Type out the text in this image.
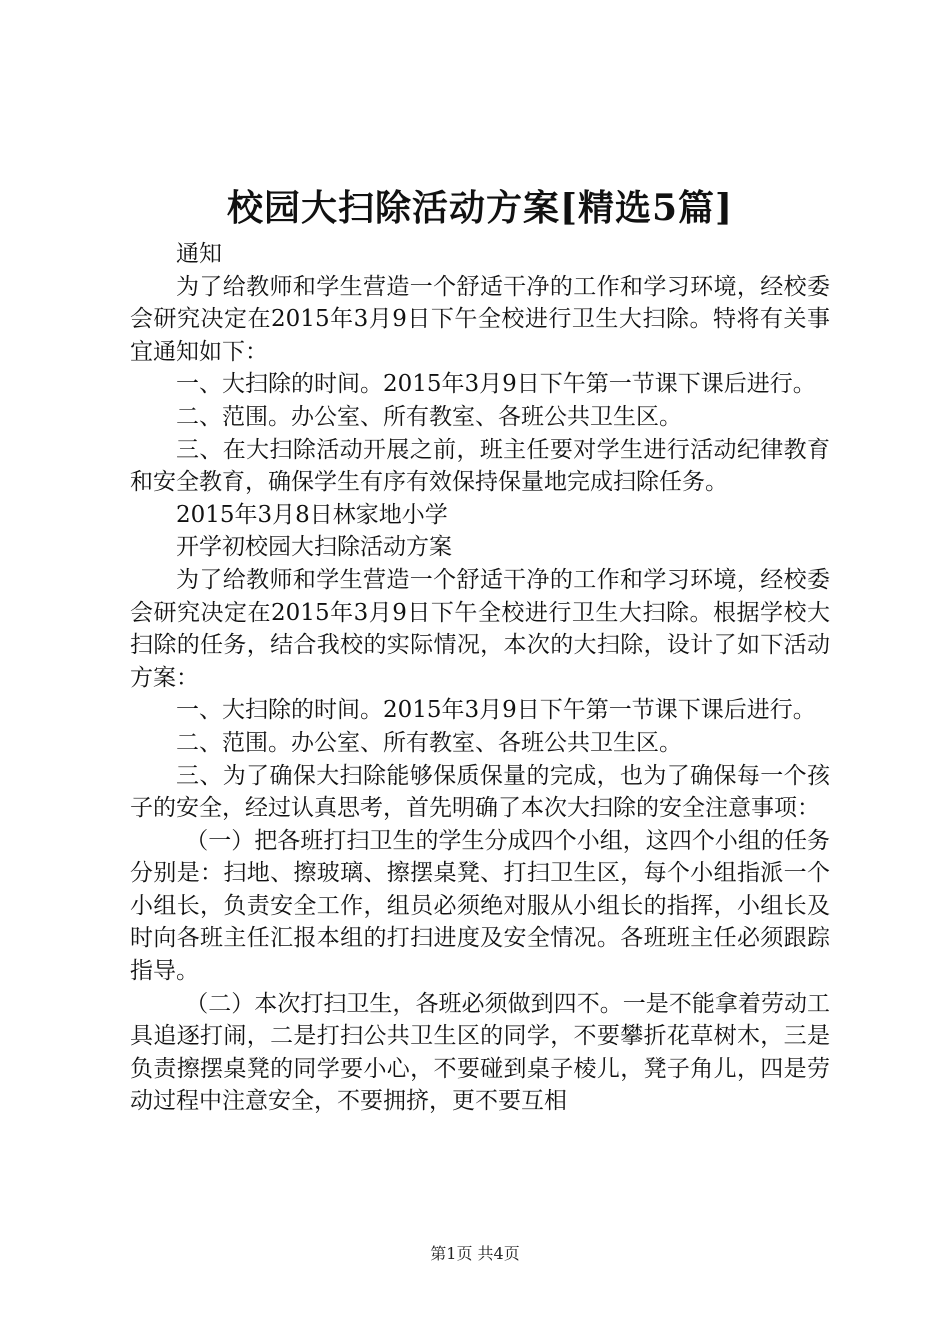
校园大扫除活动方案[精选5篇]

通知

为了给教师和学生营造一个舒适干净的工作和学习环境，经校委会研究决定在2015年3月9日下午全校进行卫生大扫除。特将有关事宜通知如下：

一、大扫除的时间。2015年3月9日下午第一节课下课后进行。

二、范围。办公室、所有教室、各班公共卫生区。

三、在大扫除活动开展之前，班主任要对学生进行活动纪律教育和安全教育，确保学生有序有效保持保量地完成扫除任务。

2015年3月8日林家地小学

开学初校园大扫除活动方案

为了给教师和学生营造一个舒适干净的工作和学习环境，经校委会研究决定在2015年3月9日下午全校进行卫生大扫除。根据学校大扫除的任务，结合我校的实际情况，本次的大扫除，设计了如下活动方案：

一、大扫除的时间。2015年3月9日下午第一节课下课后进行。

二、范围。办公室、所有教室、各班公共卫生区。

三、为了确保大扫除能够保质保量的完成，也为了确保每一个孩子的安全，经过认真思考，首先明确了本次大扫除的安全注意事项：

（一）把各班打扫卫生的学生分成四个小组，这四个小组的任务分别是：扫地、擦玻璃、擦摆桌凳、打扫卫生区，每个小组指派一个小组长，负责安全工作，组员必须绝对服从小组长的指挥，小组长及时向各班主任汇报本组的打扫进度及安全情况。各班班主任必须跟踪指导。

（二）本次打扫卫生，各班必须做到四不。一是不能拿着劳动工具追逐打闹，二是打扫公共卫生区的同学，不要攀折花草树木，三是负责擦摆桌凳的同学要小心，不要碰到桌子棱儿，凳子角儿，四是劳动过程中注意安全，不要拥挤，更不要互相

第1页 共4页
